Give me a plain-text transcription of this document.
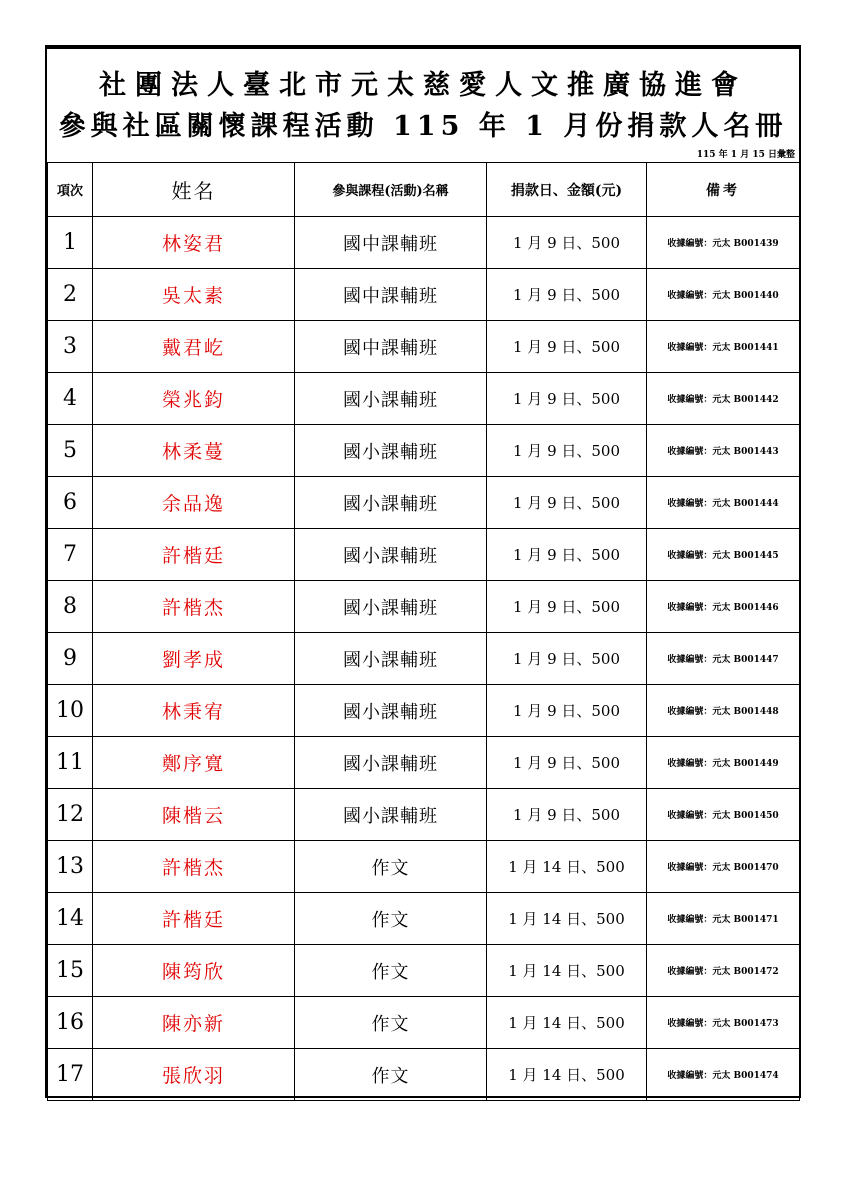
社團法人臺北市元太慈愛人文推廣協進會
參與社區關懷課程活動 115 年 1 月份捐款人名冊
115 年 1 月 15 日彙整
項次	姓名	參與課程(活動)名稱	捐款日、金額(元)	備考
1	林姿君	國中課輔班	1 月 9 日、500	收據編號：元太 B001439
2	吳太素	國中課輔班	1 月 9 日、500	收據編號：元太 B001440
3	戴君屹	國中課輔班	1 月 9 日、500	收據編號：元太 B001441
4	榮兆鈞	國小課輔班	1 月 9 日、500	收據編號：元太 B001442
5	林柔蔓	國小課輔班	1 月 9 日、500	收據編號：元太 B001443
6	余品逸	國小課輔班	1 月 9 日、500	收據編號：元太 B001444
7	許楷廷	國小課輔班	1 月 9 日、500	收據編號：元太 B001445
8	許楷杰	國小課輔班	1 月 9 日、500	收據編號：元太 B001446
9	劉孝成	國小課輔班	1 月 9 日、500	收據編號：元太 B001447
10	林秉宥	國小課輔班	1 月 9 日、500	收據編號：元太 B001448
11	鄭序寬	國小課輔班	1 月 9 日、500	收據編號：元太 B001449
12	陳楷云	國小課輔班	1 月 9 日、500	收據編號：元太 B001450
13	許楷杰	作文	1 月 14 日、500	收據編號：元太 B001470
14	許楷廷	作文	1 月 14 日、500	收據編號：元太 B001471
15	陳筠欣	作文	1 月 14 日、500	收據編號：元太 B001472
16	陳亦新	作文	1 月 14 日、500	收據編號：元太 B001473
17	張欣羽	作文	1 月 14 日、500	收據編號：元太 B001474
